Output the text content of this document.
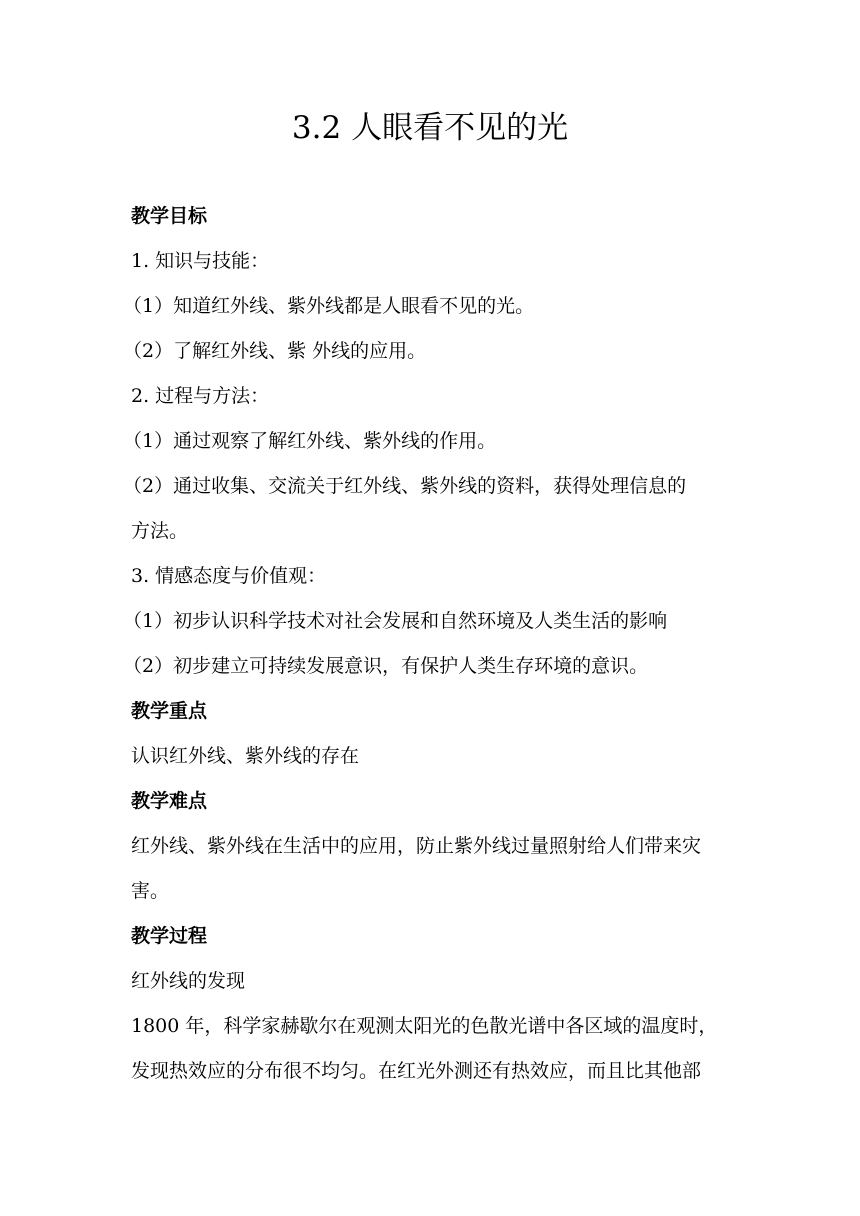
3.2 人眼看不见的光
教学目标
1. 知识与技能：
（1）知道红外线、紫外线都是人眼看不见的光。
（2）了解红外线、紫 外线的应用。
2. 过程与方法：
（1）通过观察了解红外线、紫外线的作用。
（2）通过收集、交流关于红外线、紫外线的资料，获得处理信息的
方法。
3. 情感态度与价值观：
（1）初步认识科学技术对社会发展和自然环境及人类生活的影响
（2）初步建立可持续发展意识，有保护人类生存环境的意识。
教学重点
认识红外线、紫外线的存在
教学难点
红外线、紫外线在生活中的应用，防止紫外线过量照射给人们带来灾
害。
教学过程
红外线的发现
1800 年，科学家赫歇尔在观测太阳光的色散光谱中各区域的温度时，
发现热效应的分布很不均匀。在红光外测还有热效应，而且比其他部
